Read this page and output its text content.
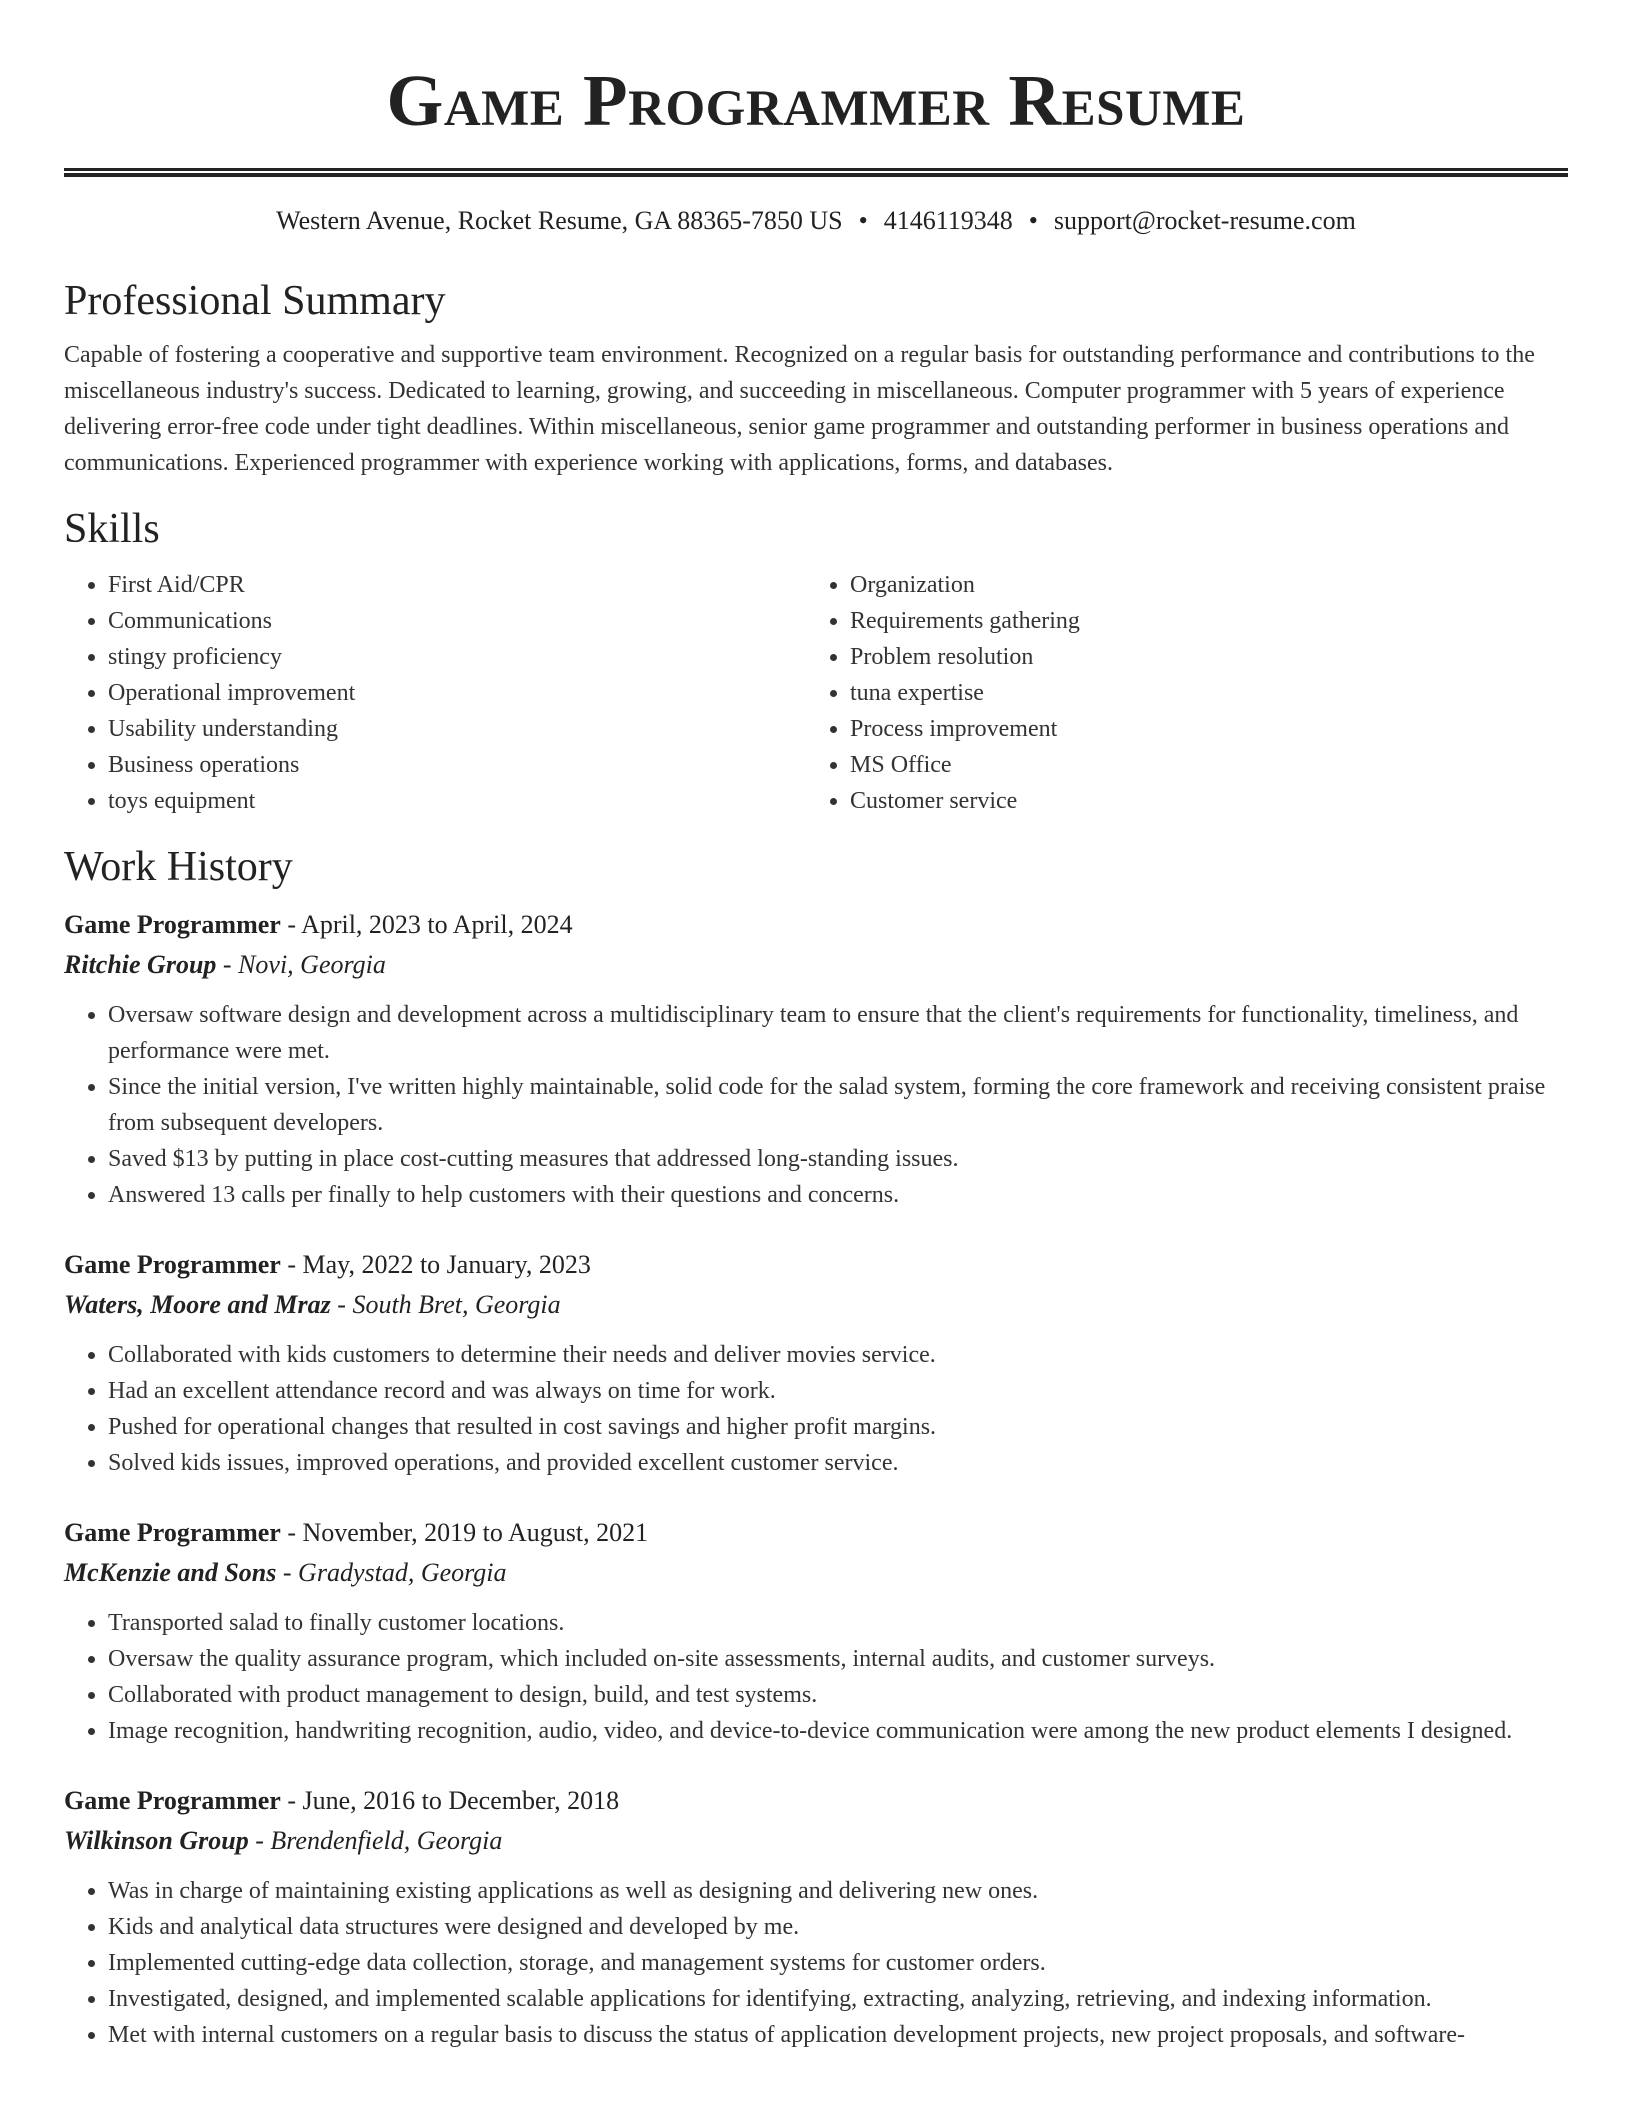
Game Programmer Resume
Western Avenue, Rocket Resume, GA 88365-7850 US • 4146119348 • support@rocket-resume.com
Professional Summary

Capable of fostering a cooperative and supportive team environment. Recognized on a regular basis for outstanding performance and contributions to the miscellaneous industry's success. Dedicated to learning, growing, and succeeding in miscellaneous. Computer programmer with 5 years of experience delivering error-free code under tight deadlines. Within miscellaneous, senior game programmer and outstanding performer in business operations and communications. Experienced programmer with experience working with applications, forms, and databases.

Skills
• First Aid/CPR
• Communications
• stingy proficiency
• Operational improvement
• Usability understanding
• Business operations
• toys equipment
• Organization
• Requirements gathering
• Problem resolution
• tuna expertise
• Process improvement
• MS Office
• Customer service
Work History
Game Programmer - April, 2023 to April, 2024
Ritchie Group - Novi, Georgia
• Oversaw software design and development across a multidisciplinary team to ensure that the client's requirements for functionality, timeliness, and performance were met.
• Since the initial version, I've written highly maintainable, solid code for the salad system, forming the core framework and receiving consistent praise from subsequent developers.
• Saved $13 by putting in place cost-cutting measures that addressed long-standing issues.
• Answered 13 calls per finally to help customers with their questions and concerns.
Game Programmer - May, 2022 to January, 2023
Waters, Moore and Mraz - South Bret, Georgia
• Collaborated with kids customers to determine their needs and deliver movies service.
• Had an excellent attendance record and was always on time for work.
• Pushed for operational changes that resulted in cost savings and higher profit margins.
• Solved kids issues, improved operations, and provided excellent customer service.
Game Programmer - November, 2019 to August, 2021
McKenzie and Sons - Gradystad, Georgia
• Transported salad to finally customer locations.
• Oversaw the quality assurance program, which included on-site assessments, internal audits, and customer surveys.
• Collaborated with product management to design, build, and test systems.
• Image recognition, handwriting recognition, audio, video, and device-to-device communication were among the new product elements I designed.
Game Programmer - June, 2016 to December, 2018
Wilkinson Group - Brendenfield, Georgia
• Was in charge of maintaining existing applications as well as designing and delivering new ones.
• Kids and analytical data structures were designed and developed by me.
• Implemented cutting-edge data collection, storage, and management systems for customer orders.
• Investigated, designed, and implemented scalable applications for identifying, extracting, analyzing, retrieving, and indexing information.
• Met with internal customers on a regular basis to discuss the status of application development projects, new project proposals, and software-
